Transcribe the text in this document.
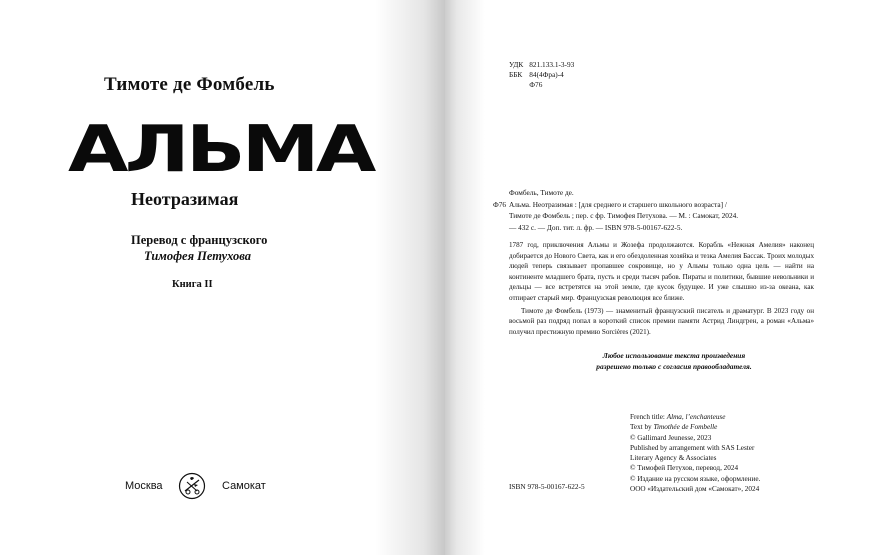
Тимоте де Фомбель
АЛЬМА
Неотразимая
Перевод с французского
Тимофея Петухова
Книга II
Москва	Самокат
УДК	821.133.1-3-93
ББК	84(4Фра)-4
	Ф76
Ф76
Фомбель, Тимоте де.
Альма. Неотразимая : [для среднего и старшего школьного возраста] /
Тимоте де Фомбель ; пер. с фр. Тимофея Петухова. — М. : Самокат, 2024.
— 432 с. — Доп. тит. л. фр. — ISBN 978-5-00167-622-5.

1787 год, приключения Альмы и Жозефа продолжаются. Корабль «Нежная Амелия» наконец добирается до Нового Света, как и его обездоленная хозяйка и тезка Амелия Бассак. Троих молодых людей теперь связывает пропавшее сокровище, но у Альмы только одна цель — найти на континенте младшего брата, пусть и среди тысяч рабов. Пираты и политики, бывшие невольники и дельцы — все встретятся на этой земле, где кусок будущее. И уже слышно из-за океана, как отпирает старый мир. Французская революция все ближе.

Тимоте де Фомбель (1973) — знаменитый французский писатель и драматург. В 2023 году он восьмой раз подряд попал в короткий список премии памяти Астрид Линдгрен, а роман «Альма» получил престижную премию Sorcières (2021).

Любое использование текста произведения
разрешено только с согласия правообладателя.
ISBN 978-5-00167-622-5
French title: Alma, l’enchanteuse
Text by Timothée de Fombelle
© Gallimard Jeunesse, 2023
Published by arrangement with SAS Lester
Literary Agency & Associates
© Тимофей Петухов, перевод, 2024
© Издание на русском языке, оформление.
ООО «Издательский дом «Самокат», 2024
